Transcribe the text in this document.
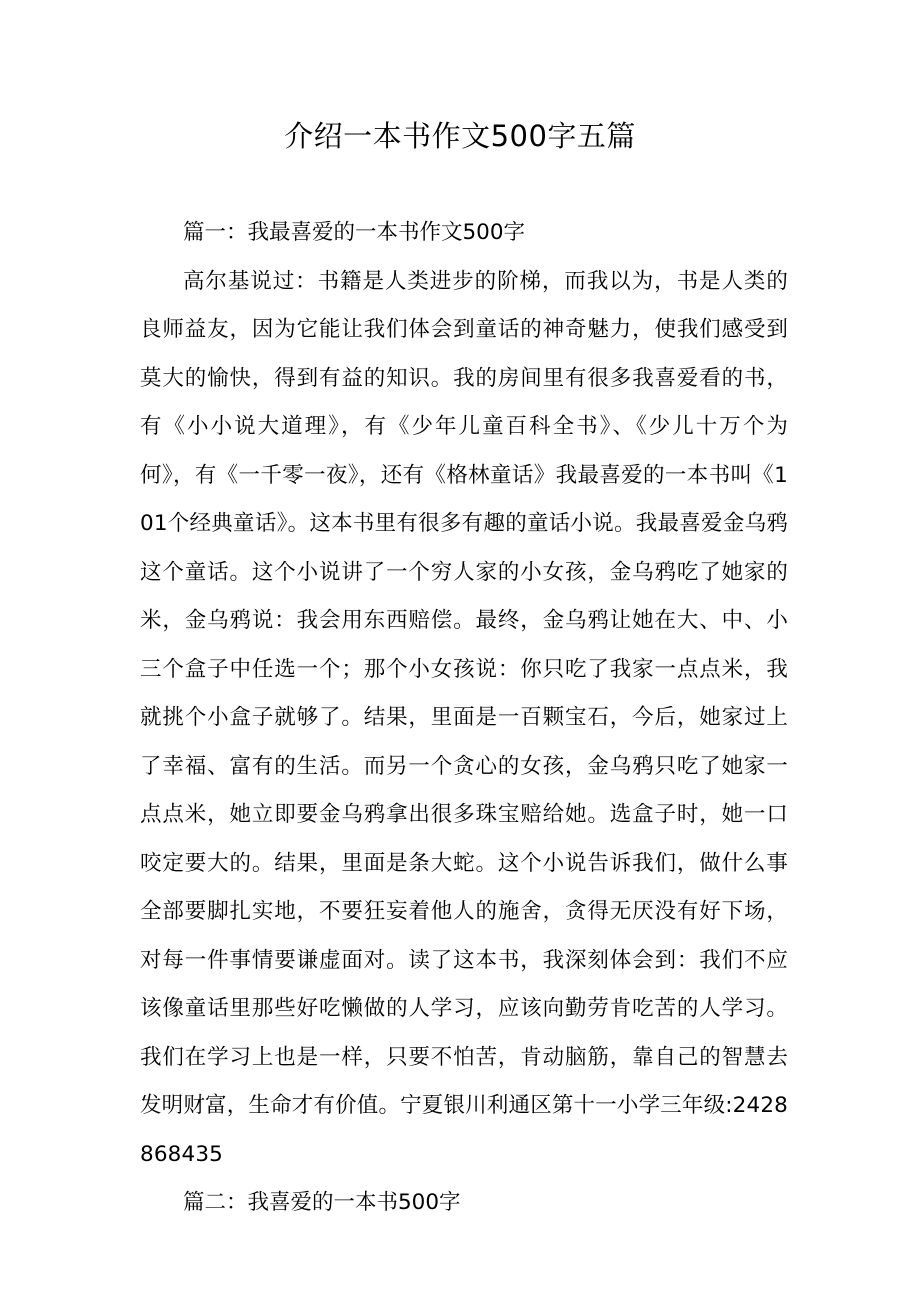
介绍一本书作文500字五篇

篇一：我最喜爱的一本书作文500字

高尔基说过：书籍是人类进步的阶梯，而我以为，书是人类的良师益友，因为它能让我们体会到童话的神奇魅力，使我们感受到莫大的愉快，得到有益的知识。我的房间里有很多我喜爱看的书，有《小小说大道理》，有《少年儿童百科全书》、《少儿十万个为何》，有《一千零一夜》，还有《格林童话》我最喜爱的一本书叫《101个经典童话》。这本书里有很多有趣的童话小说。我最喜爱金乌鸦这个童话。这个小说讲了一个穷人家的小女孩，金乌鸦吃了她家的米，金乌鸦说：我会用东西赔偿。最终，金乌鸦让她在大、中、小三个盒子中任选一个；那个小女孩说：你只吃了我家一点点米，我就挑个小盒子就够了。结果，里面是一百颗宝石，今后，她家过上了幸福、富有的生活。而另一个贪心的女孩，金乌鸦只吃了她家一点点米，她立即要金乌鸦拿出很多珠宝赔给她。选盒子时，她一口咬定要大的。结果，里面是条大蛇。这个小说告诉我们，做什么事全部要脚扎实地，不要狂妄着他人的施舍，贪得无厌没有好下场，对每一件事情要谦虚面对。读了这本书，我深刻体会到：我们不应该像童话里那些好吃懒做的人学习，应该向勤劳肯吃苦的人学习。我们在学习上也是一样，只要不怕苦，肯动脑筋，靠自己的智慧去发明财富，生命才有价值。宁夏银川利通区第十一小学三年级:2428868435

篇二：我喜爱的一本书500字
